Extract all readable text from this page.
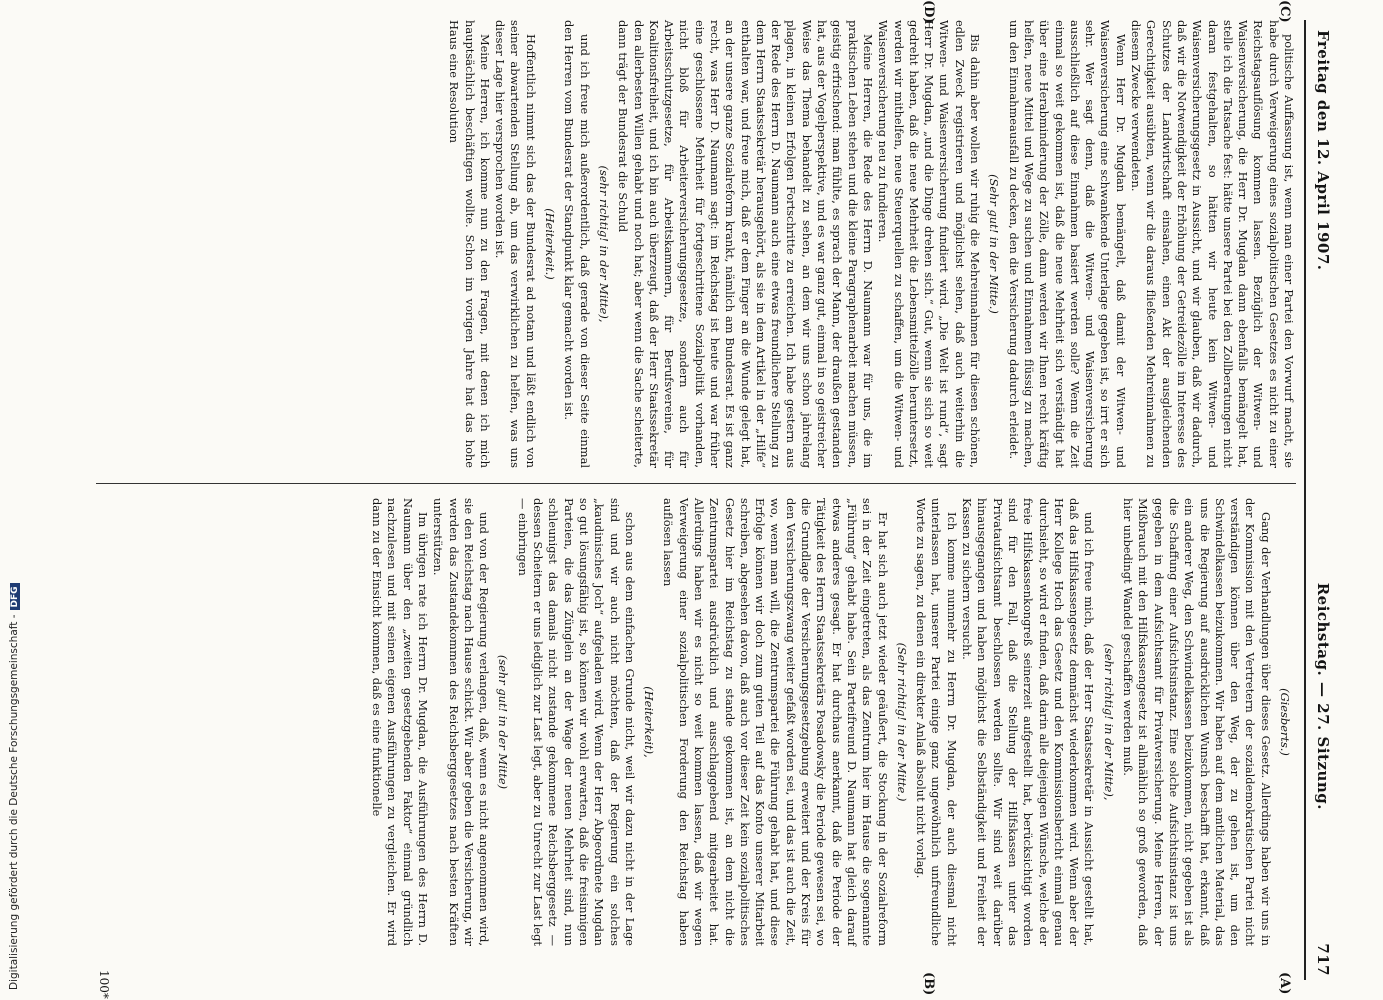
Freitag den 12. April 1907.
Reichstag. — 27. Sitzung.
717
(C)
(D)
(A)
(B)

politische Auffassung ist, wenn man einer Partei den Vorwurf macht, sie habe durch Verweigerung eines sozialpolitischen Gesetzes es nicht zu einer Reichstagsauflösung kommen lassen. Bezüglich der Witwen- und Waisenversicherung, die Herr Dr. Mugdan dann ebenfalls bemängelt hat, stelle ich die Tatsache fest: hätte unsere Partei bei den Zollberatungen nicht daran festgehalten, so hätten wir heute kein Witwen- und Waisenversicherungsgesetz in Aussicht, und wir glauben, daß wir dadurch, daß wir die Notwendigkeit der Erhöhung der Getreidezölle im Interesse des Schutzes der Landwirtschaft einsahen, einen Akt der ausgleichenden Gerechtigkeit ausübten, wenn wir die daraus fließenden Mehreinnahmen zu diesem Zwecke verwendeten.

Wenn Herr Dr. Mugdan bemängelt, daß damit der Witwen- und Waisenversicherung eine schwankende Unterlage gegeben ist, so irrt er sich sehr. Wer sagt denn, daß die Witwen- und Waisenversicherung ausschließlich auf diese Einnahmen basiert werden solle? Wenn die Zeit einmal so weit gekommen ist, daß die neue Mehrheit sich verständigt hat über eine Herabminderung der Zölle, dann werden wir Ihnen recht kräftig helfen, neue Mittel und Wege zu suchen und Einnahmen flüssig zu machen, um den Einnahmeausfall zu decken, den die Versicherung dadurch erleidet.

(Sehr gut! in der Mitte.)

Bis dahin aber wollen wir ruhig die Mehreinnahmen für diesen schönen, edlen Zweck registrieren und möglichst sehen, daß auch weiterhin die Witwen- und Waisenversicherung fundiert wird. „Die Welt ist rund“, sagt Herr Dr. Mugdan, „und die Dinge drehen sich.“ Gut, wenn sie sich so weit gedreht haben, daß die neue Mehrheit die Lebensmittelzölle heruntersetzt, werden wir mithelfen, neue Steuerquellen zu schaffen, um die Witwen- und Waisenversicherung neu zu fundieren.

Meine Herren, die Rede des Herrn D. Naumann war für uns, die im praktischen Leben stehen und die kleine Paragraphenarbeit machen müssen, geistig erfrischend: man fühlte, es sprach der Mann, der draußen gestanden hat, aus der Vogelperspektive, und es war ganz gut, einmal in so geistreicher Weise das Thema behandelt zu sehen, an dem wir uns schon jahrelang plagen, in kleinen Erfolgen Fortschritte zu erreichen. Ich habe gestern aus der Rede des Herrn D. Naumann auch eine etwas freundlichere Stellung zu dem Herrn Staatssekretär herausgehört, als sie in dem Artikel in der „Hilfe“ enthalten war, und freue mich, daß er dem Finger an die Wunde gelegt hat, an der unsere ganze Sozialreform krankt, nämlich am Bundesrat. Es ist ganz recht, was Herr D. Naumann sagt: im Reichstag ist heute und war früher eine geschlossene Mehrheit für fortgeschrittene Sozialpolitik vorhanden, nicht bloß für Arbeiterversicherungsgesetze, sondern auch für Arbeitsschutzgesetze, für Arbeitskammern, für Berufsvereine, für Koalitionsfreiheit, und ich bin auch überzeugt, daß der Herr Staatssekretär den allerbesten Willen gehabt und noch hat; aber wenn die Sache scheiterte, dann trägt der Bundesrat die Schuld

(sehr richtig! in der Mitte),

und ich freue mich außerordentlich, daß gerade von dieser Seite einmal den Herren vom Bundesrat der Standpunkt klar gemacht worden ist.

(Heiterkeit.)

Hoffentlich nimmt sich das der Bundesrat ad notam und läßt endlich von seiner abwartenden Stellung ab, um das verwirklichen zu helfen, was uns dieser Lage hier versprochen worden ist.

Meine Herren, ich komme nun zu den Fragen, mit denen ich mich hauptsächlich beschäftigen wollte. Schon im vorigen Jahre hat das hohe Haus eine Resolution

(Giesberts.)

Gang der Verhandlungen über dieses Gesetz. Allerdings haben wir uns in der Kommission mit den Vertretern der sozialdemokratischen Partei nicht verständigen können über den Weg, der zu gehen ist, um den Schwindelkassen beizukommen. Wir haben auf dem amtlichen Material, das uns die Regierung auf ausdrücklichen Wunsch beschafft hat, erkannt, daß ein anderer Weg, den Schwindelkassen beizukommen, nicht gegeben ist als die Schaffung einer Aufsichtsinstanz. Eine solche Aufsichtsinstanz ist uns gegeben in dem Aufsichtsamt für Privatversicherung. Meine Herren, der Mißbrauch mit den Hilfskassengesetz ist allmählich so groß geworden, daß hier unbedingt Wandel geschaffen werden muß.

(sehr richtig! in der Mitte),

und ich freue mich, daß der Herr Staatssekretär in Aussicht gestellt hat, daß das Hilfskassengesetz demnächst wiederkommen wird. Wenn aber der Herr Kollege Hoch das Gesetz und den Kommissionsbericht einmal genau durchsieht, so wird er finden, daß darin alle diejenigen Wünsche, welche der freie Hilfskassenkongreß seinerzeit aufgestellt hat, berücksichtigt worden sind für den Fall, daß die Stellung der Hilfskassen unter das Privataufsichtsamt beschlossen werden sollte. Wir sind weit darüber hinausgegangen und haben möglichst die Selbständigkeit und Freiheit der Kassen zu sichern versucht.

Ich komme nunmehr zu Herrn Dr. Mugdan, der auch diesmal nicht unterlassen hat, unserer Partei einige ganz ungewöhnlich unfreundliche Worte zu sagen, zu denen ein direkter Anlaß absolut nicht vorlag.

(Sehr richtig! in der Mitte.)

Er hat sich auch jetzt wieder geäußert, die Stockung in der Sozialreform sei in der Zeit eingetreten, als das Zentrum hier im Hause die sogenannte „Führung“ gehabt habe. Sein Parteifreund D. Naumann hat gleich darauf etwas anderes gesagt. Er hat durchaus anerkannt, daß die Periode der Tätigkeit des Herrn Staatssekretärs Posadowsky die Periode gewesen sei, wo die Grundlage der Versicherungsgesetzgebung erweitert und der Kreis für den Versicherungszwang weiter gefaßt worden sei, und das ist auch die Zeit, wo, wenn man will, die Zentrumspartei die Führung gehabt hat, und diese Erfolge können wir doch zum guten Teil auf das Konto unserer Mitarbeit schreiben, abgesehen davon, daß auch vor dieser Zeit kein sozialpolitisches Gesetz hier im Reichstag zu stande gekommen ist, an dem nicht die Zentrumspartei ausdrücklich und ausschlaggebend mitgearbeitet hat. Allerdings haben wir es nicht so weit kommen lassen, daß wir wegen Verweigerung einer sozialpolitischen Forderung den Reichstag haben auflösen lassen

(Heiterkeit),

schon aus dem einfachen Grunde nicht, weil wir dazu nicht in der Lage sind und wir auch nicht möchten, daß der Regierung ein solches „kaudinisches Joch“ aufgeladen wird. Wenn der Herr Abgeordnete Mugdan so gut lösungsfähig ist, so können wir wohl erwarten, daß die freisinnigen Parteien, die das Zünglein an der Wage der neuen Mehrheit sind, nun schleunigst das damals nicht zustande gekommene Reichsberggesetz — dessen Scheitern er uns lediglich zur Last legt, aber zu Unrecht zur Last legt — einbringen

(sehr gut! in der Mitte)

und von der Regierung verlangen, daß, wenn es nicht angenommen wird, sie den Reichstag nach Hause schickt. Wir aber geben die Versicherung, wir werden das Zustandekommen des Reichsberggesetzes nach besten Kräften unterstützen.

Im übrigen rate ich Herrn Dr. Mugdan, die Ausführungen des Herrn D. Naumann über den „zweiten gesetzgebenden Faktor“ einmal gründlich nachzulesen und mit seinen eigenen Ausführungen zu vergleichen. Er wird dann zu der Einsicht kommen, daß es eine funktionelle

100*
Digitalisierung gefördert durch die Deutsche Forschungsgemeinschaft -DFG
